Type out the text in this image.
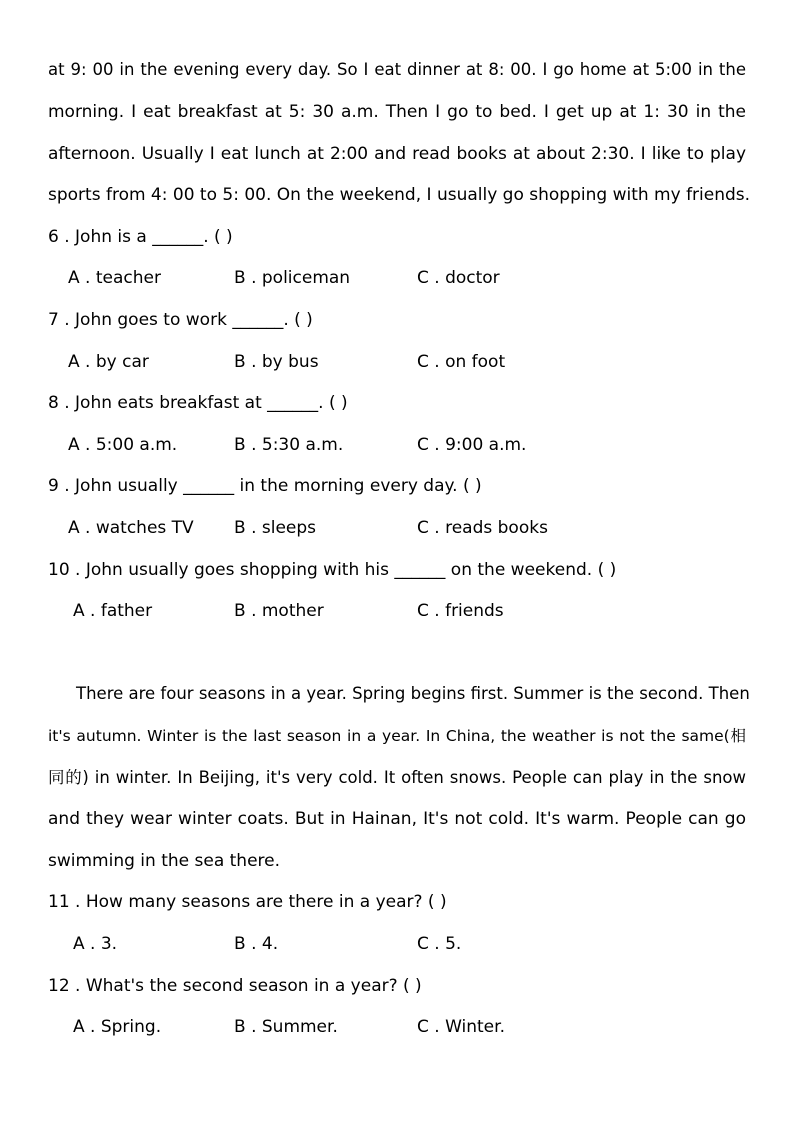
at 9: 00 in the evening every day. So I eat dinner at 8: 00. I go home at 5:00 in the
morning. I eat breakfast at 5: 30 a.m. Then I go to bed. I get up at 1: 30 in the
afternoon. Usually I eat lunch at 2:00 and read books at about 2:30. I like to play
sports from 4: 00 to 5: 00. On the weekend, I usually go shopping with my friends.
6 . John is a ______. ( )
A . teacher	B . policeman	C . doctor
7 . John goes to work ______. ( )
A . by car	B . by bus	C . on foot
8 . John eats breakfast at ______. ( )
A . 5:00 a.m.	B . 5:30 a.m.	C . 9:00 a.m.
9 . John usually ______ in the morning every day. ( )
A . watches TV B . sleeps	C . reads books
10 . John usually goes shopping with his ______ on the weekend. ( )
A . father	B . mother	C . friends
There are four seasons in a year. Spring begins first. Summer is the second. Then
it's autumn. Winter is the last season in a year. In China, the weather is not the same(相
同的) in winter. In Beijing, it's very cold. It often snows. People can play in the snow
and they wear winter coats. But in Hainan, It's not cold. It's warm. People can go
swimming in the sea there.
11 . How many seasons are there in a year? ( )
A . 3.	B . 4.	C . 5.
12 . What's the second season in a year? ( )
A . Spring.	B . Summer.	C . Winter.
